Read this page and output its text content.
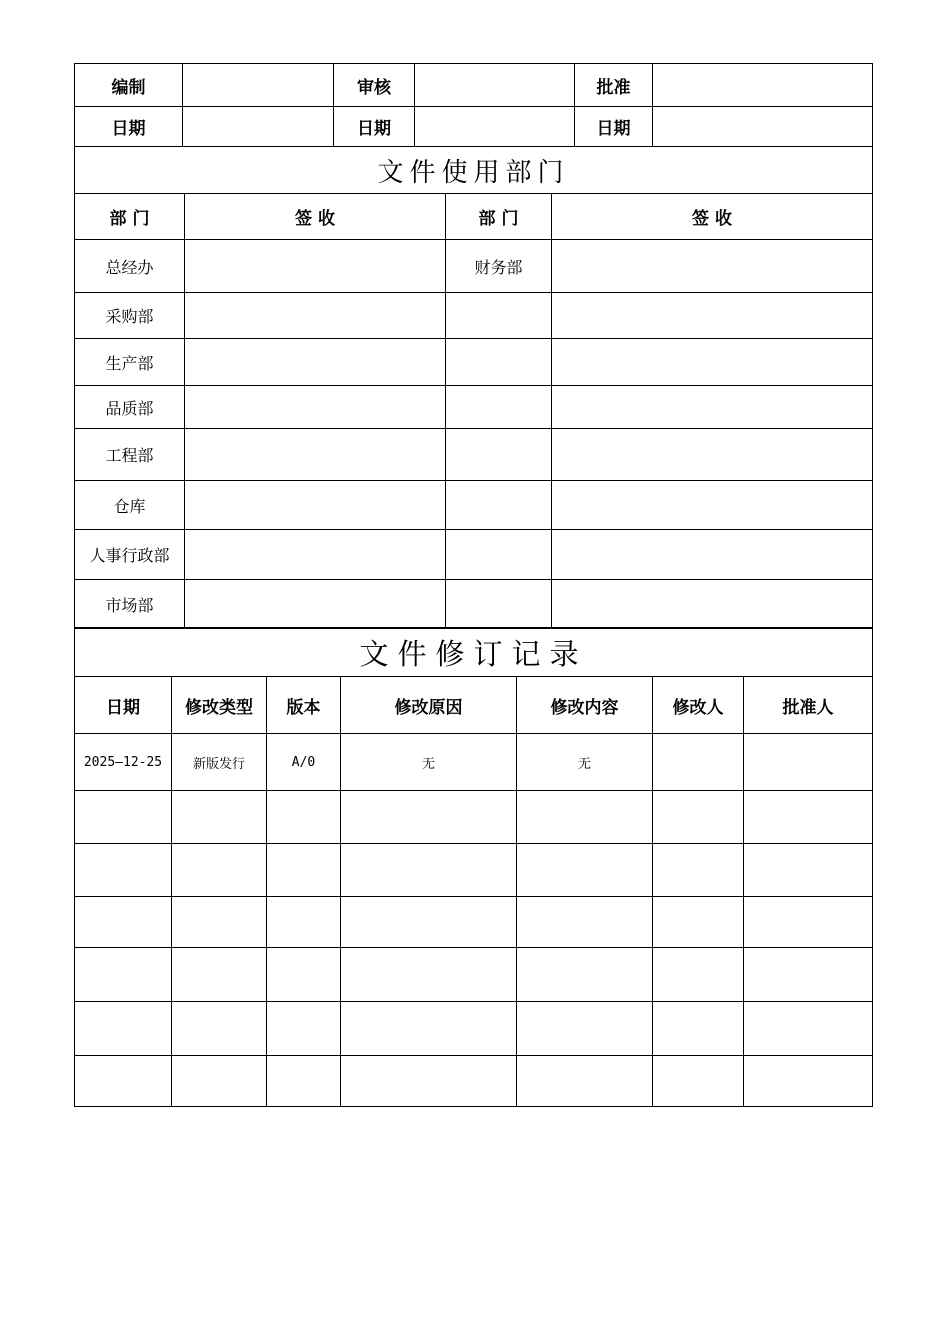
编制		审核		批准	
日期		日期		日期	
文件使用部门			
部 门	签 收	部 门	签 收
总经办		财务部	
采购部			
生产部			
品质部			
工程部			
仓库			
人事行政部			
市场部			
文件修订记录						
日期	修改类型	版本	修改原因	修改内容	修改人	批准人
2025—12-25	新版发行	A/0	无	无		
